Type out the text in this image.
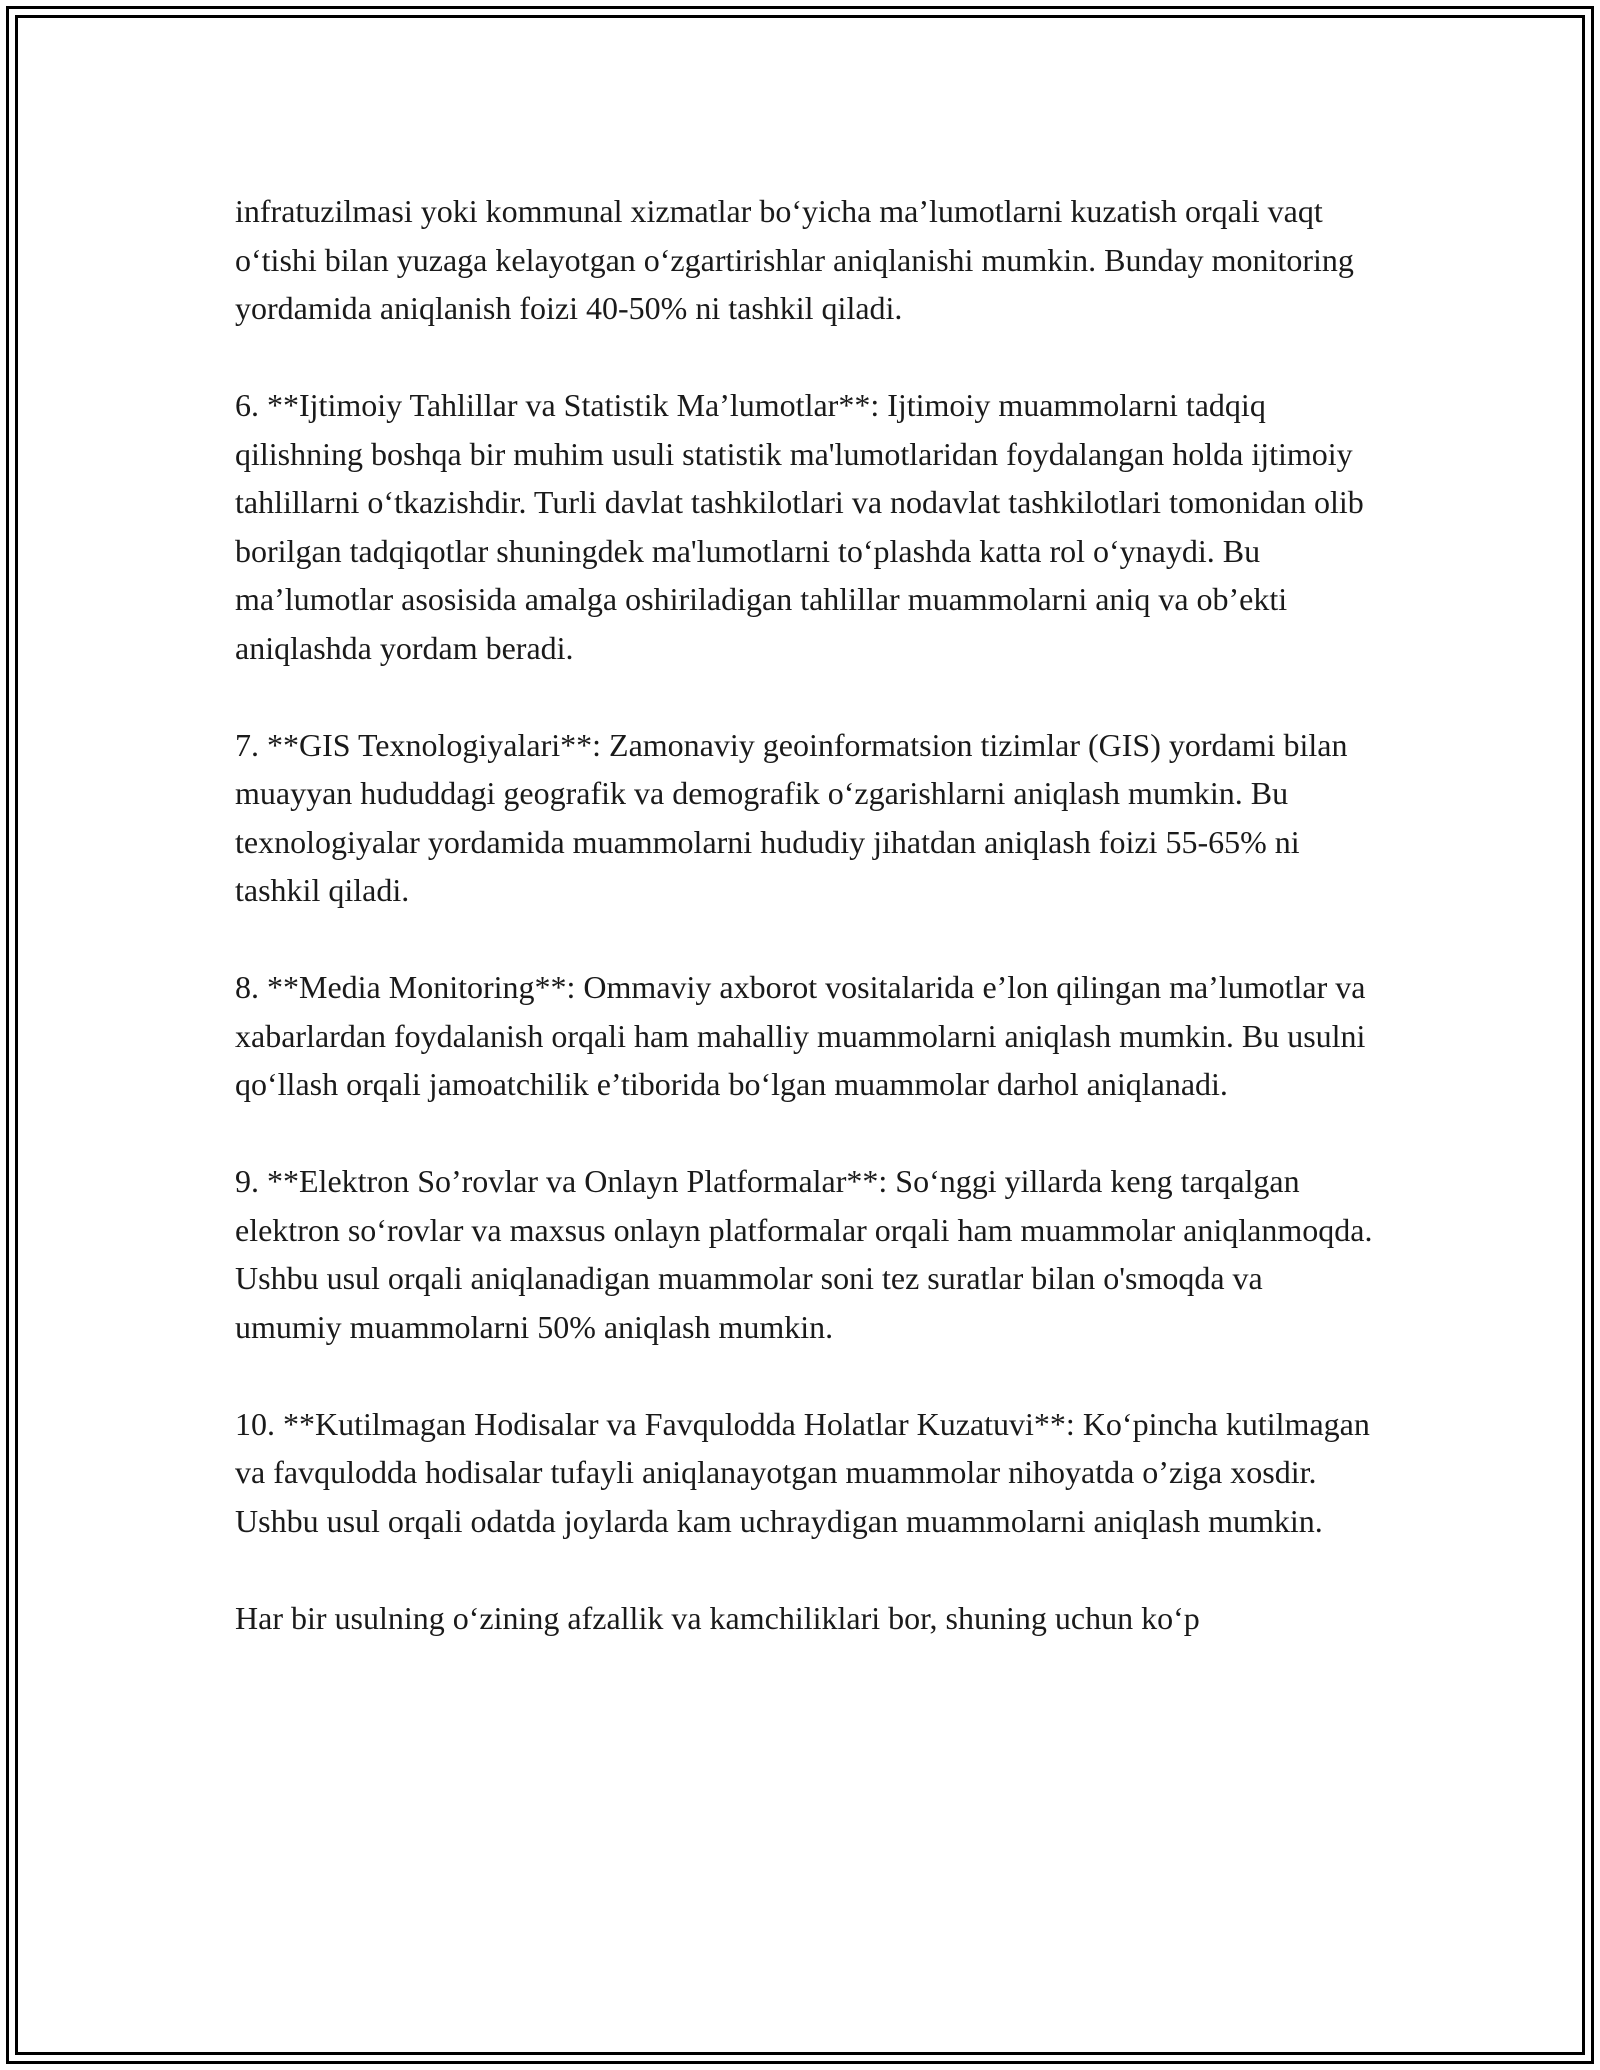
infratuzilmasi yoki kommunal xizmatlar bo‘yicha ma’lumotlarni kuzatish orqali vaqt o‘tishi bilan yuzaga kelayotgan o‘zgartirishlar aniqlanishi mumkin. Bunday monitoring yordamida aniqlanish foizi 40-50% ni tashkil qiladi.

6. **Ijtimoiy Tahlillar va Statistik Ma’lumotlar**: Ijtimoiy muammolarni tadqiq qilishning boshqa bir muhim usuli statistik ma'lumotlaridan foydalangan holda ijtimoiy tahlillarni o‘tkazishdir. Turli davlat tashkilotlari va nodavlat tashkilotlari tomonidan olib borilgan tadqiqotlar shuningdek ma'lumotlarni to‘plashda katta rol o‘ynaydi. Bu ma’lumotlar asosisida amalga oshiriladigan tahlillar muammolarni aniq va ob’ekti aniqlashda yordam beradi.

7. **GIS Texnologiyalari**: Zamonaviy geoinformatsion tizimlar (GIS) yordami bilan muayyan hududdagi geografik va demografik o‘zgarishlarni aniqlash mumkin. Bu texnologiyalar yordamida muammolarni hududiy jihatdan aniqlash foizi 55-65% ni tashkil qiladi.

8. **Media Monitoring**: Ommaviy axborot vositalarida e’lon qilingan ma’lumotlar va xabarlardan foydalanish orqali ham mahalliy muammolarni aniqlash mumkin. Bu usulni qo‘llash orqali jamoatchilik e’tiborida bo‘lgan muammolar darhol aniqlanadi.

9. **Elektron So’rovlar va Onlayn Platformalar**: So‘nggi yillarda keng tarqalgan elektron so‘rovlar va maxsus onlayn platformalar orqali ham muammolar aniqlanmoqda. Ushbu usul orqali aniqlanadigan muammolar soni tez suratlar bilan o'smoqda va umumiy muammolarni 50% aniqlash mumkin.

10. **Kutilmagan Hodisalar va Favqulodda Holatlar Kuzatuvi**: Ko‘pincha kutilmagan va favqulodda hodisalar tufayli aniqlanayotgan muammolar nihoyatda o’ziga xosdir. Ushbu usul orqali odatda joylarda kam uchraydigan muammolarni aniqlash mumkin.

Har bir usulning o‘zining afzallik va kamchiliklari bor, shuning uchun ko‘p
